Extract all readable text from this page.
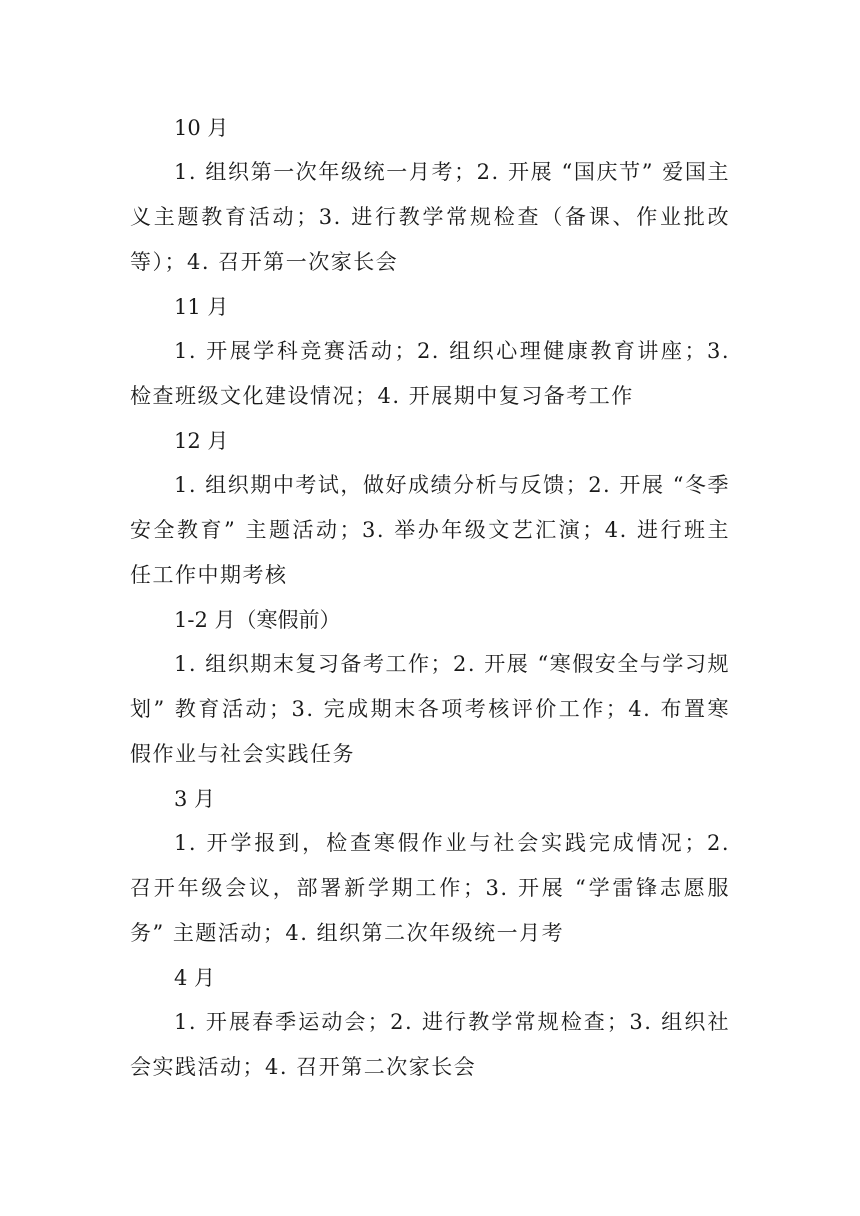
10 月

1. 组织第一次年级统一月考；2. 开展 “国庆节” 爱国主义主题教育活动；3. 进行教学常规检查（备课、作业批改等）；4. 召开第一次家长会

11 月

1. 开展学科竞赛活动；2. 组织心理健康教育讲座；3. 检查班级文化建设情况；4. 开展期中复习备考工作

12 月

1. 组织期中考试，做好成绩分析与反馈；2. 开展 “冬季安全教育” 主题活动；3. 举办年级文艺汇演；4. 进行班主任工作中期考核

1-2 月（寒假前）

1. 组织期末复习备考工作；2. 开展 “寒假安全与学习规划” 教育活动；3. 完成期末各项考核评价工作；4. 布置寒假作业与社会实践任务

3 月

1. 开学报到，检查寒假作业与社会实践完成情况；2. 召开年级会议，部署新学期工作；3. 开展 “学雷锋志愿服务” 主题活动；4. 组织第二次年级统一月考

4 月

1. 开展春季运动会；2. 进行教学常规检查；3. 组织社会实践活动；4. 召开第二次家长会
